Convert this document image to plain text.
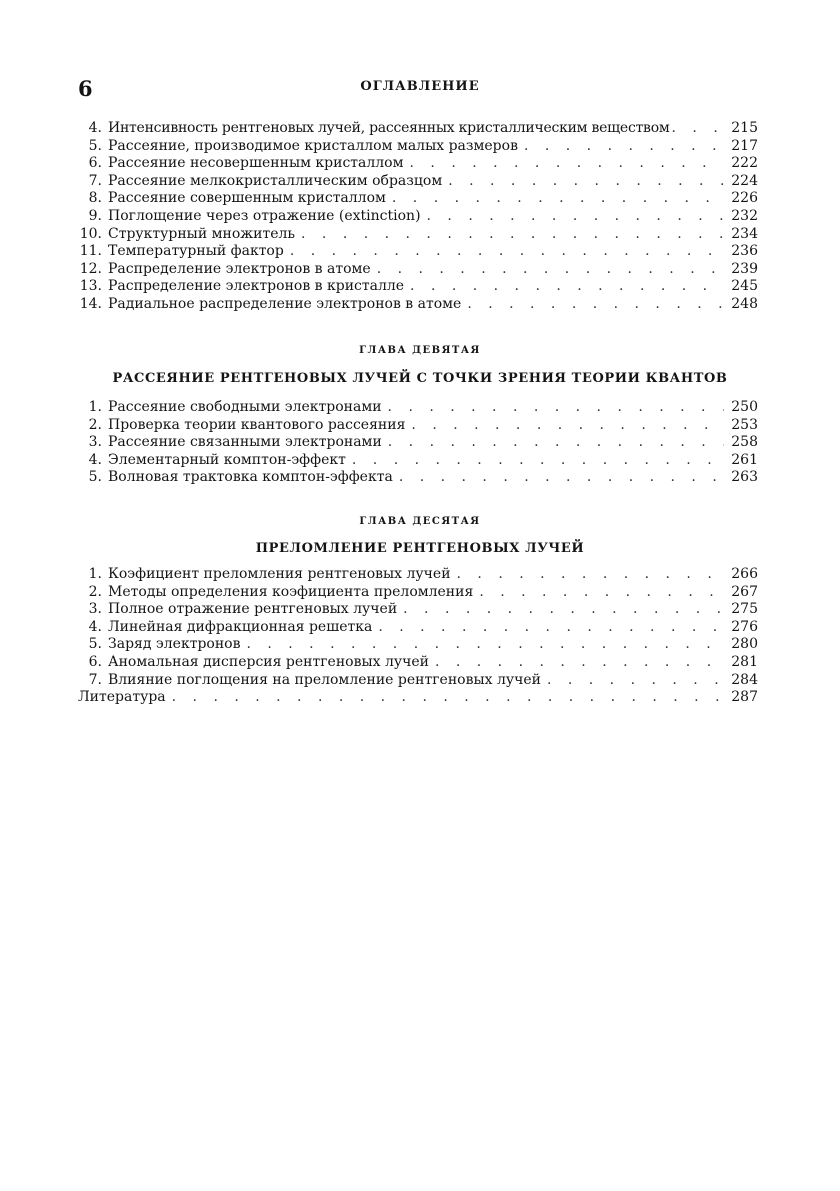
6	ОГЛАВЛЕНИЕ
4. Интенсивность рентгеновых лучей, рассеянных кристаллическим веществом . . .	215
5. Рассеяние, производимое кристаллом малых размеров . . .	217
6. Рассеяние несовершенным кристаллом . . .	222
7. Рассеяние мелкокристаллическим образцом . . .	224
8. Рассеяние совершенным кристаллом . . .	226
9. Поглощение через отражение (extinction) . . .	232
10. Структурный множитель . . .	234
11. Температурный фактор . . .	236
12. Распределение электронов в атоме . . .	239
13. Распределение электронов в кристалле . . .	245
14. Радиальное распределение электронов в атоме . . .	248
ГЛАВА ДЕВЯТАЯ
РАССЕЯНИЕ РЕНТГЕНОВЫХ ЛУЧЕЙ С ТОЧКИ ЗРЕНИЯ ТЕОРИИ КВАНТОВ
1. Рассеяние свободными электронами . . .	250
2. Проверка теории квантового рассеяния . . .	253
3. Рассеяние связанными электронами . . .	258
4. Элементарный комптон-эффект . . .	261
5. Волновая трактовка комптон-эффекта . . .	263
ГЛАВА ДЕСЯТАЯ
ПРЕЛОМЛЕНИЕ РЕНТГЕНОВЫХ ЛУЧЕЙ
1. Коэфициент преломления рентгеновых лучей . . .	266
2. Методы определения коэфициента преломления . . .	267
3. Полное отражение рентгеновых лучей . . .	275
4. Линейная дифракционная решетка . . .	276
5. Заряд электронов . . .	280
6. Аномальная дисперсия рентгеновых лучей . . .	281
7. Влияние поглощения на преломление рентгеновых лучей . . .	284
Литература . . .	287
